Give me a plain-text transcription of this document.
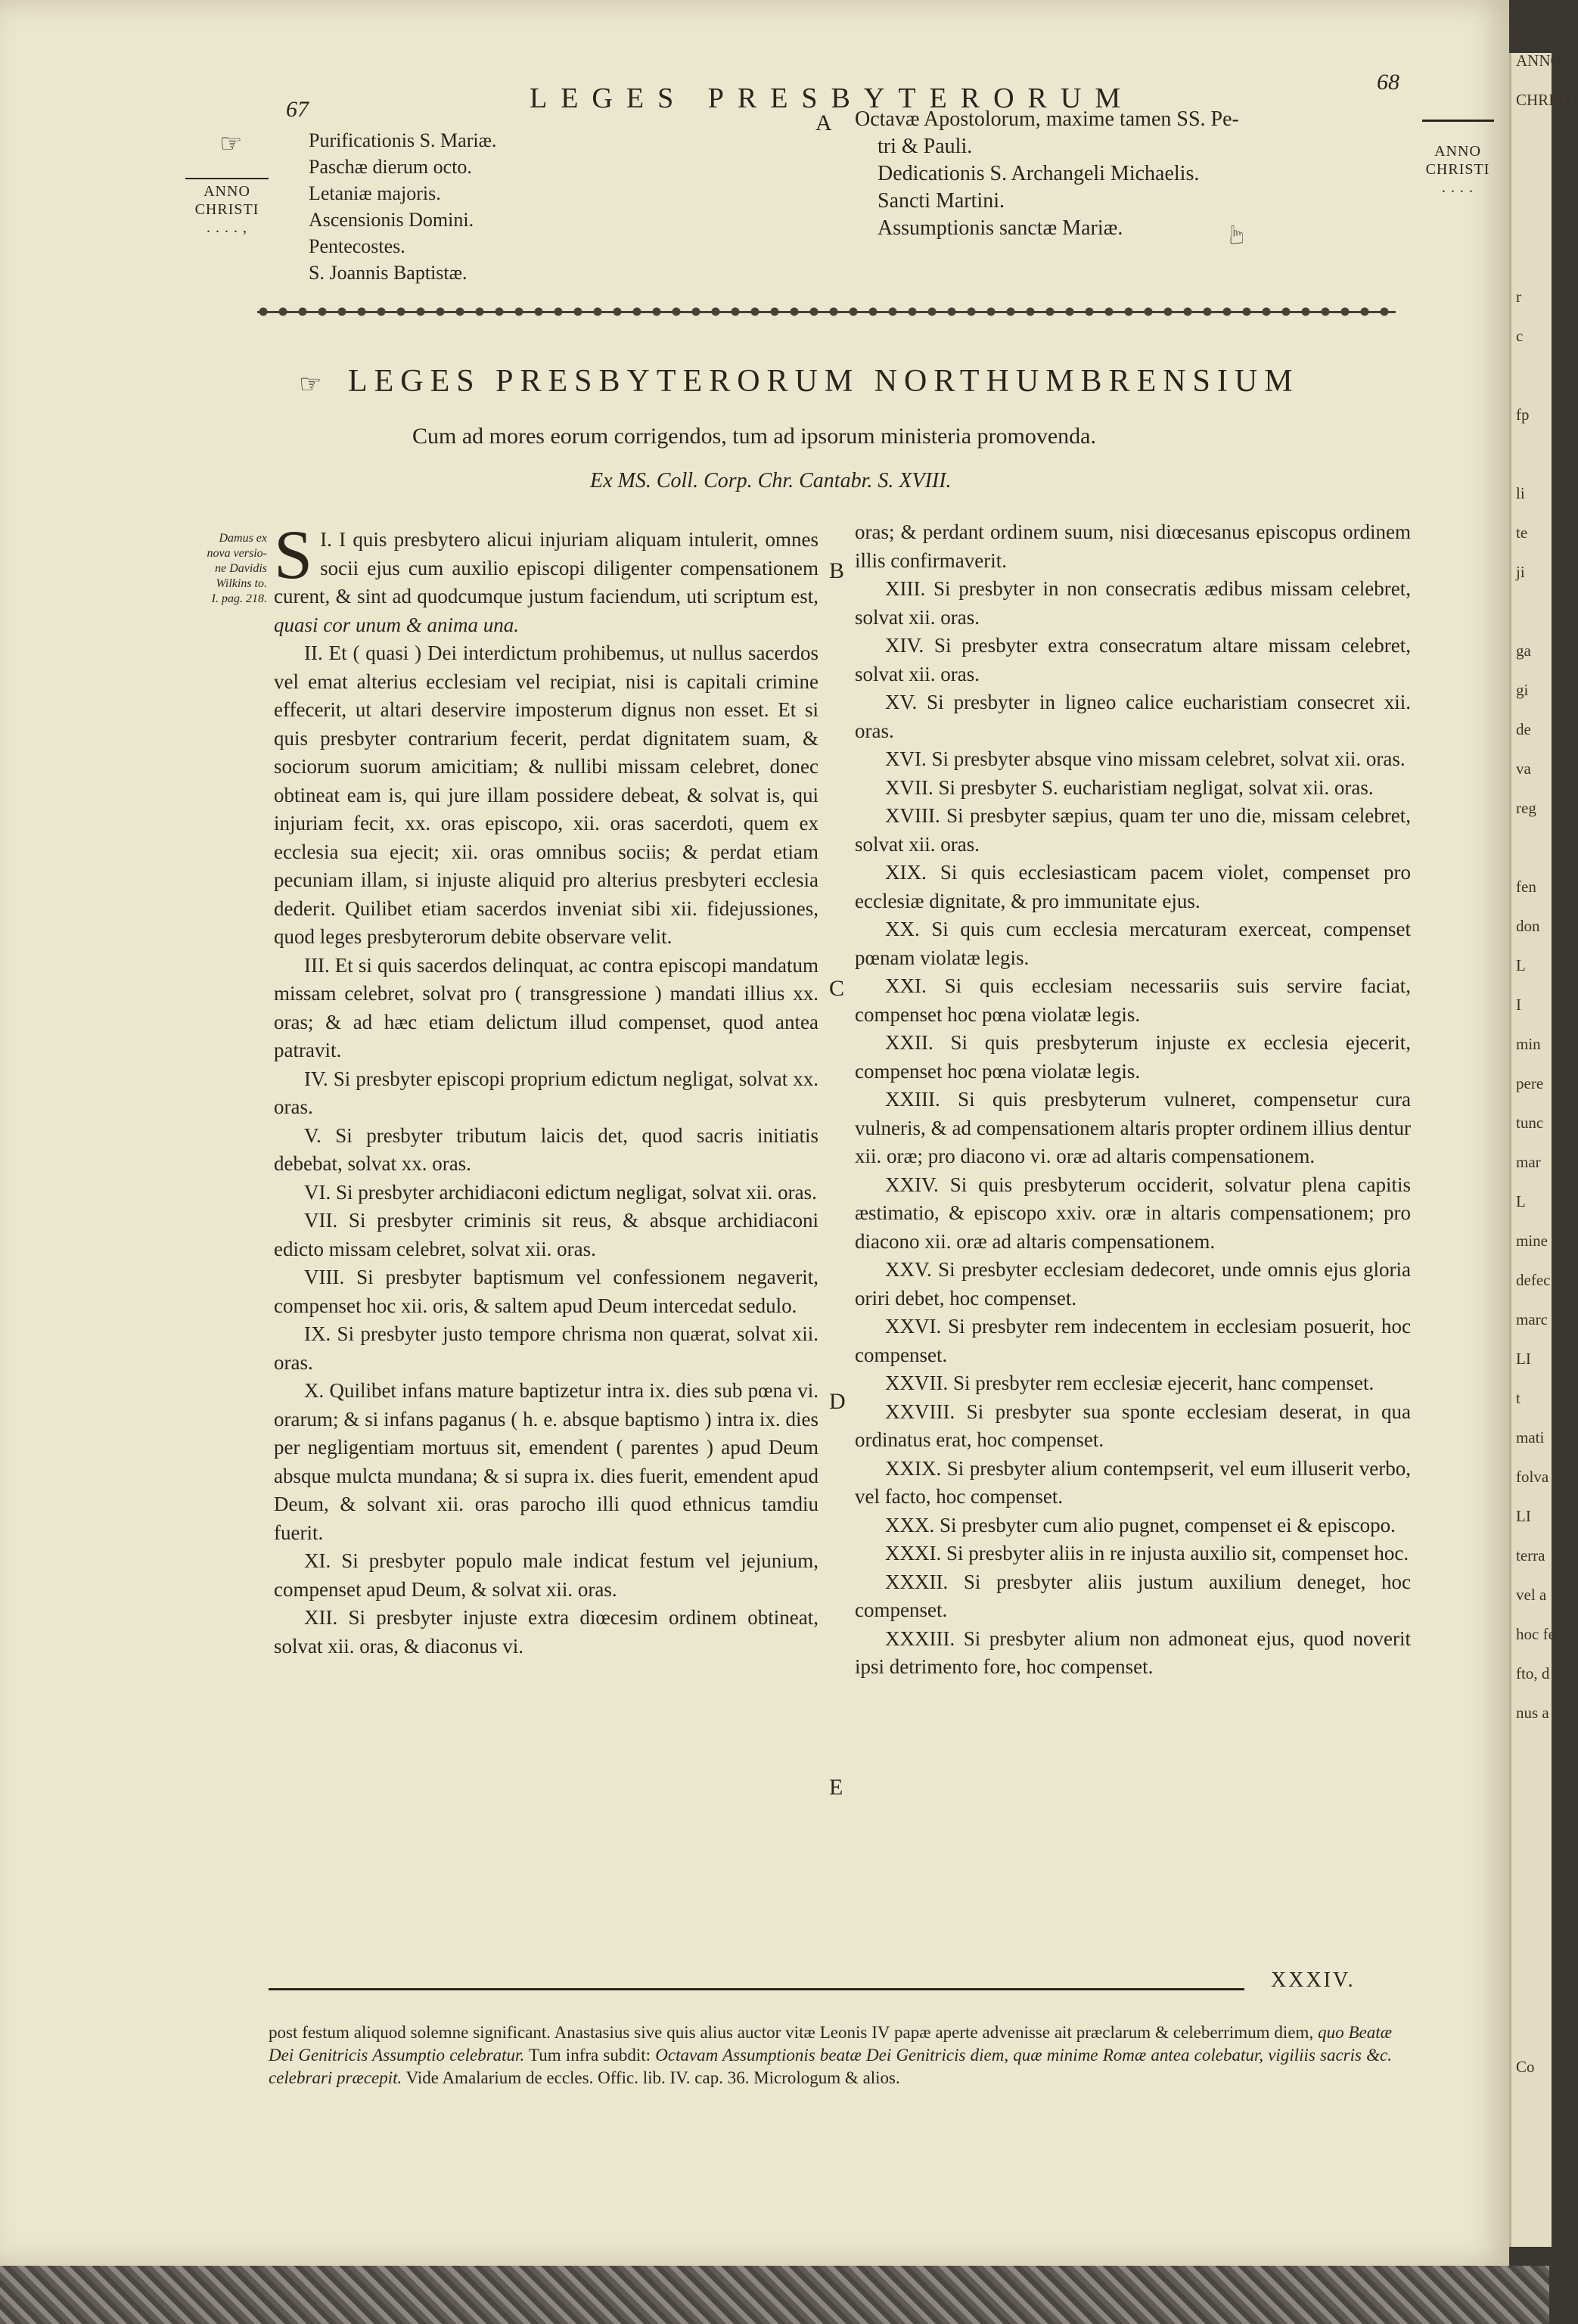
67	LEGES PRESBYTERORUM
68
☞
ANNO
CHRISTI
. . . . ,
ANNO
CHRISTI
. . . .
Purificationis S. Mariæ.
Paschæ dierum octo.
Letaniæ majoris.
Ascensionis Domini.
Pentecostes.
S. Joannis Baptistæ.
A Octavæ Apostolorum, maxime tamen SS. Pe-
tri & Pauli.
Dedicationis S. Archangeli Michaelis.
Sancti Martini.
Assumptionis sanctæ Mariæ.	☞
☞ LEGES PRESBYTERORUM NORTHUMBRENSIUM
Cum ad mores eorum corrigendos, tum ad ipsorum ministeria promovenda.
Ex MS. Coll. Corp. Chr. Cantabr. S. XVIII.
Damus ex
nova versio-
ne Davidis
Wilkins to.
I. pag. 218.

I.
S I quis presbytero alicui injuriam aliquam intulerit, omnes socii ejus cum auxilio episcopi diligenter compensationem curent, & sint ad quodcumque justum faciendum, uti scriptum est, quasi cor unum & anima una.

II. Et ( quasi ) Dei interdictum prohibemus, ut nullus sacerdos vel emat alterius ecclesiam vel recipiat, nisi is capitali crimine effecerit, ut altari deservire imposterum dignus non esset. Et si quis presbyter contrarium fecerit, perdat dignitatem suam, & sociorum suorum amicitiam; & nullibi missam celebret, donec obtineat eam is, qui jure illam possidere debeat, & solvat is, qui injuriam fecit, xx. oras episcopo, xii. oras sacerdoti, quem ex ecclesia sua ejecit; xii. oras omnibus sociis; & perdat etiam pecuniam illam, si injuste aliquid pro alterius presbyteri ecclesia dederit. Quilibet etiam sacerdos inveniat sibi xii. fidejussiones, quod leges presbyterorum debite observare velit.

III. Et si quis sacerdos delinquat, ac contra episcopi mandatum missam celebret, solvat pro ( transgressione ) mandati illius xx. oras; & ad hæc etiam delictum illud compenset, quod antea patravit.

IV. Si presbyter episcopi proprium edictum negligat, solvat xx. oras.

V. Si presbyter tributum laicis det, quod sacris initiatis debebat, solvat xx. oras.

VI. Si presbyter archidiaconi edictum negligat, solvat xii. oras.

VII. Si presbyter criminis sit reus, & absque archidiaconi edicto missam celebret, solvat xii. oras.

VIII. Si presbyter baptismum vel confessionem negaverit, compenset hoc xii. oris, & saltem apud Deum intercedat sedulo.

IX. Si presbyter justo tempore chrisma non quærat, solvat xii. oras.

X. Quilibet infans mature baptizetur intra ix. dies sub pœna vi. orarum; & si infans paganus ( h. e. absque baptismo ) intra ix. dies per negligentiam mortuus sit, emendent ( parentes ) apud Deum absque mulcta mundana; & si supra ix. dies fuerit, emendent apud Deum, & solvant xii. oras parocho illi quod ethnicus tamdiu fuerit.

XI. Si presbyter populo male indicat festum vel jejunium, compenset apud Deum, & solvat xii. oras.

XII. Si presbyter injuste extra diœcesim ordinem obtineat, solvat xii. oras, & diaconus vi.

B
C
D
E

oras; & perdant ordinem suum, nisi diœcesanus episcopus ordinem illis confirmaverit.

XIII. Si presbyter in non consecratis ædibus missam celebret, solvat xii. oras.

XIV. Si presbyter extra consecratum altare missam celebret, solvat xii. oras.

XV. Si presbyter in ligneo calice eucharistiam consecret xii. oras.

XVI. Si presbyter absque vino missam celebret, solvat xii. oras.

XVII. Si presbyter S. eucharistiam negligat, solvat xii. oras.

XVIII. Si presbyter sæpius, quam ter uno die, missam celebret, solvat xii. oras.

XIX. Si quis ecclesiasticam pacem violet, compenset pro ecclesiæ dignitate, & pro immunitate ejus.

XX. Si quis cum ecclesia mercaturam exerceat, compenset pœnam violatæ legis.

XXI. Si quis ecclesiam necessariis suis servire faciat, compenset hoc pœna violatæ legis.

XXII. Si quis presbyterum injuste ex ecclesia ejecerit, compenset hoc pœna violatæ legis.

XXIII. Si quis presbyterum vulneret, compensetur cura vulneris, & ad compensationem altaris propter ordinem illius dentur xii. oræ; pro diacono vi. oræ ad altaris compensationem.

XXIV. Si quis presbyterum occiderit, solvatur plena capitis æstimatio, & episcopo xxiv. oræ in altaris compensationem; pro diacono xii. oræ ad altaris compensationem.

XXV. Si presbyter ecclesiam dedecoret, unde omnis ejus gloria oriri debet, hoc compenset.

XXVI. Si presbyter rem indecentem in ecclesiam posuerit, hoc compenset.

XXVII. Si presbyter rem ecclesiæ ejecerit, hanc compenset.

XXVIII. Si presbyter sua sponte ecclesiam deserat, in qua ordinatus erat, hoc compenset.

XXIX. Si presbyter alium contempserit, vel eum illuserit verbo, vel facto, hoc compenset.

XXX. Si presbyter cum alio pugnet, compenset ei & episcopo.

XXXI. Si presbyter aliis in re injusta auxilio sit, compenset hoc.

XXXII. Si presbyter aliis justum auxilium deneget, hoc compenset.

XXXIII. Si presbyter alium non admoneat ejus, quod noverit ipsi detrimento fore, hoc compenset.

XXXIV.
post festum aliquod solemne significant. Anastasius sive quis alius auctor vitæ Leonis IV papæ aperte advenisse ait præclarum & celeberrimum diem, quo Beatæ Dei Genitricis Assumptio celebratur. Tum infra subdit: Octavam Assumptionis beatæ Dei Genitricis diem, quæ minime Romæ antea colebatur, vigiliis sacris &c. celebrari præcepit. Vide Amalarium de eccles. Offic. lib. IV. cap. 36. Micrologum & alios.
ANNO
CHRISTI
r
c
fp
li
te
ji
ga
gi
de
va
reg
fen
don
L
I
min
pere
tunc
mar
L
mine
defec
marc
LI
t
mati
folva
LI
terra
vel a
hoc fe
fto, d
nus a
Co
